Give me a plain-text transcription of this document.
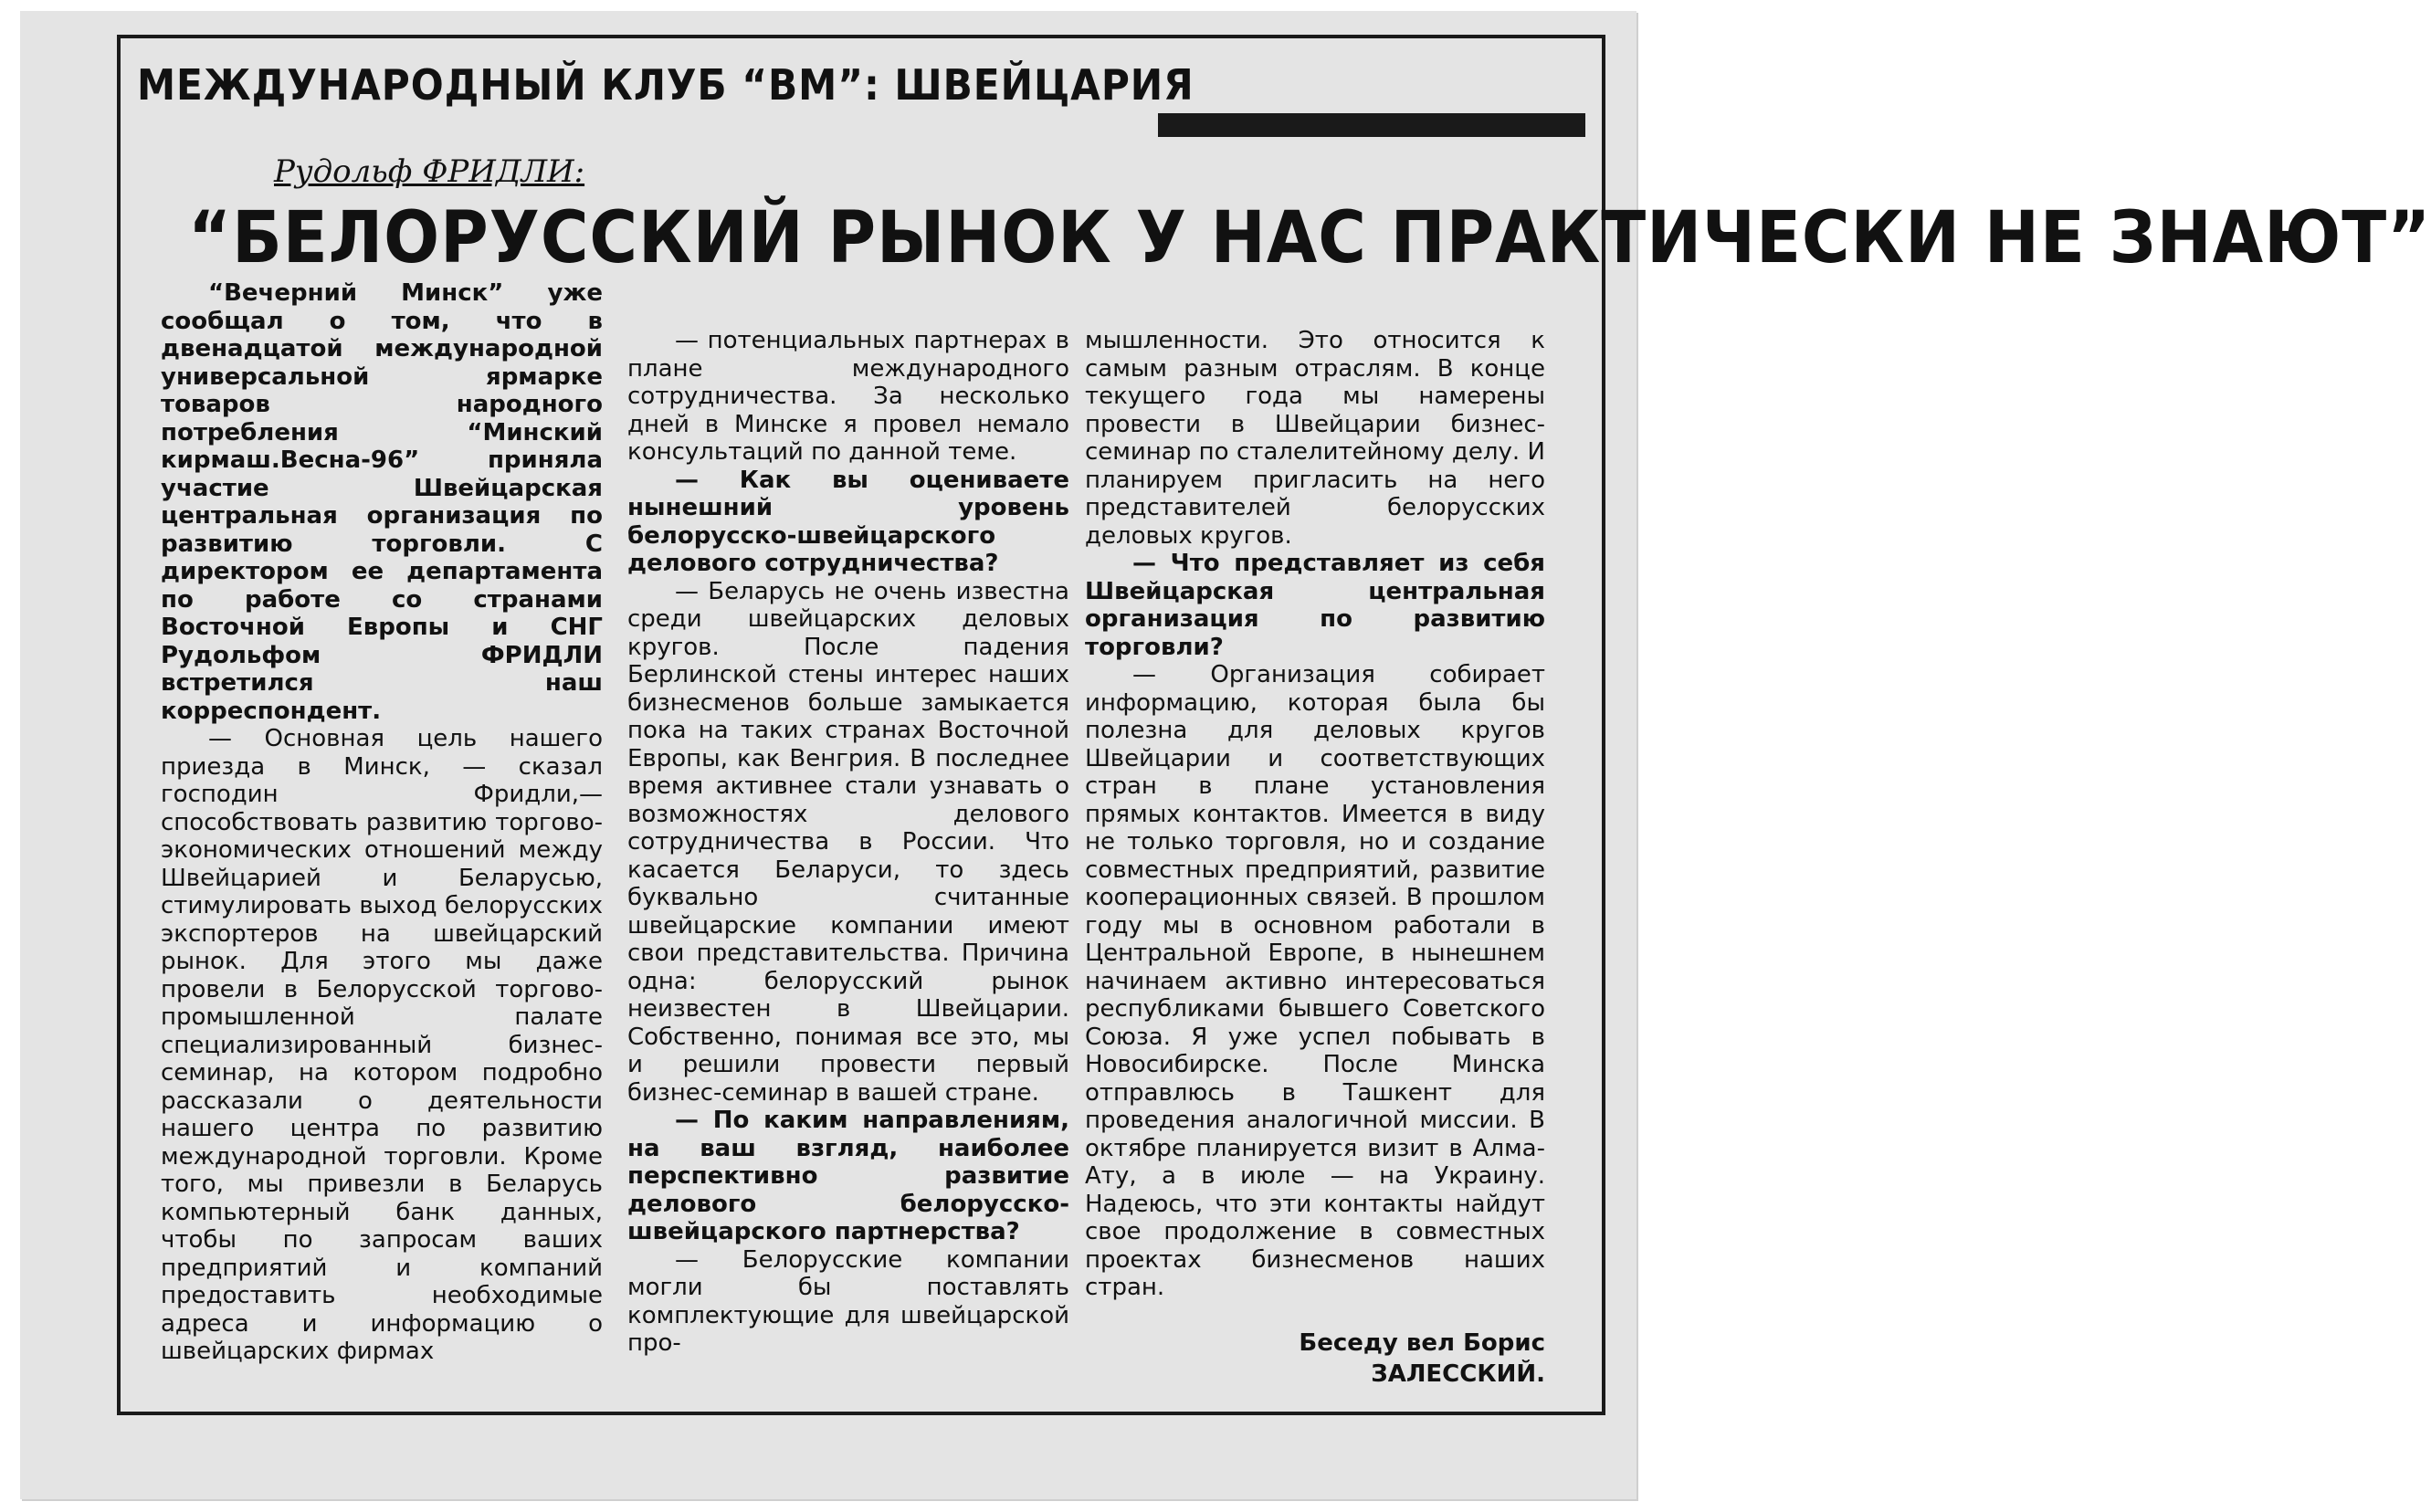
МЕЖДУНАРОДНЫЙ КЛУБ “ВМ”: ШВЕЙЦАРИЯ
Рудольф ФРИДЛИ:
“БЕЛОРУССКИЙ РЫНОК У НАС ПРАКТИЧЕСКИ НЕ ЗНАЮТ”

“Вечерний Минск” уже сообщал о том, что в двенадцатой международной универсальной ярмарке товаров народного потребления “Минский кирмаш.Весна-96” приняла участие Швейцарская центральная организация по развитию торговли. С директором ее департамента по работе со странами Восточной Европы и СНГ Рудольфом ФРИДЛИ встретился наш корреспондент.

— Основная цель нашего приезда в Минск, — сказал господин Фридли,— способствовать развитию торгово-экономических отношений между Швейцарией и Беларусью, стимулировать выход белорусских экспортеров на швейцарский рынок. Для этого мы даже провели в Белорусской торгово-промышленной палате специализированный бизнес-семинар, на котором подробно рассказали о деятельности нашего центра по развитию международной торговли. Кроме того, мы привезли в Беларусь компьютерный банк данных, чтобы по запросам ваших предприятий и компаний предоставить необходимые адреса и информацию о швейцарских фирмах

— потенциальных партнерах в плане международного сотрудничества. За несколько дней в Минске я провел немало консультаций по данной теме.

— Как вы оцениваете нынешний уровень белорусско-швейцарского делового сотрудничества?

— Беларусь не очень известна среди швейцарских деловых кругов. После падения Берлинской стены интерес наших бизнесменов больше замыкается пока на таких странах Восточной Европы, как Венгрия. В последнее время активнее стали узнавать о возможностях делового сотрудничества в России. Что касается Беларуси, то здесь буквально считанные швейцарские компании имеют свои представительства. Причина одна: белорусский рынок неизвестен в Швейцарии. Собственно, понимая все это, мы и решили провести первый бизнес-семинар в вашей стране.

— По каким направлениям, на ваш взгляд, наиболее перспективно развитие делового белорусско-швейцарского партнерства?

— Белорусские компании могли бы поставлять комплектующие для швейцарской про-

мышленности. Это относится к самым разным отраслям. В конце текущего года мы намерены провести в Швейцарии бизнес-семинар по сталелитейному делу. И планируем пригласить на него представителей белорусских деловых кругов.

— Что представляет из себя Швейцарская центральная организация по развитию торговли?

— Организация собирает информацию, которая была бы полезна для деловых кругов Швейцарии и соответствующих стран в плане установления прямых контактов. Имеется в виду не только торговля, но и создание совместных предприятий, развитие кооперационных связей. В прошлом году мы в основном работали в Центральной Европе, в нынешнем начинаем активно интересоваться республиками бывшего Советского Союза. Я уже успел побывать в Новосибирске. После Минска отправлюсь в Ташкент для проведения аналогичной миссии. В октябре планируется визит в Алма-Ату, а в июле — на Украину. Надеюсь, что эти контакты найдут свое продолжение в совместных проектах бизнесменов наших стран.

Беседу вел Борис
ЗАЛЕССКИЙ.
